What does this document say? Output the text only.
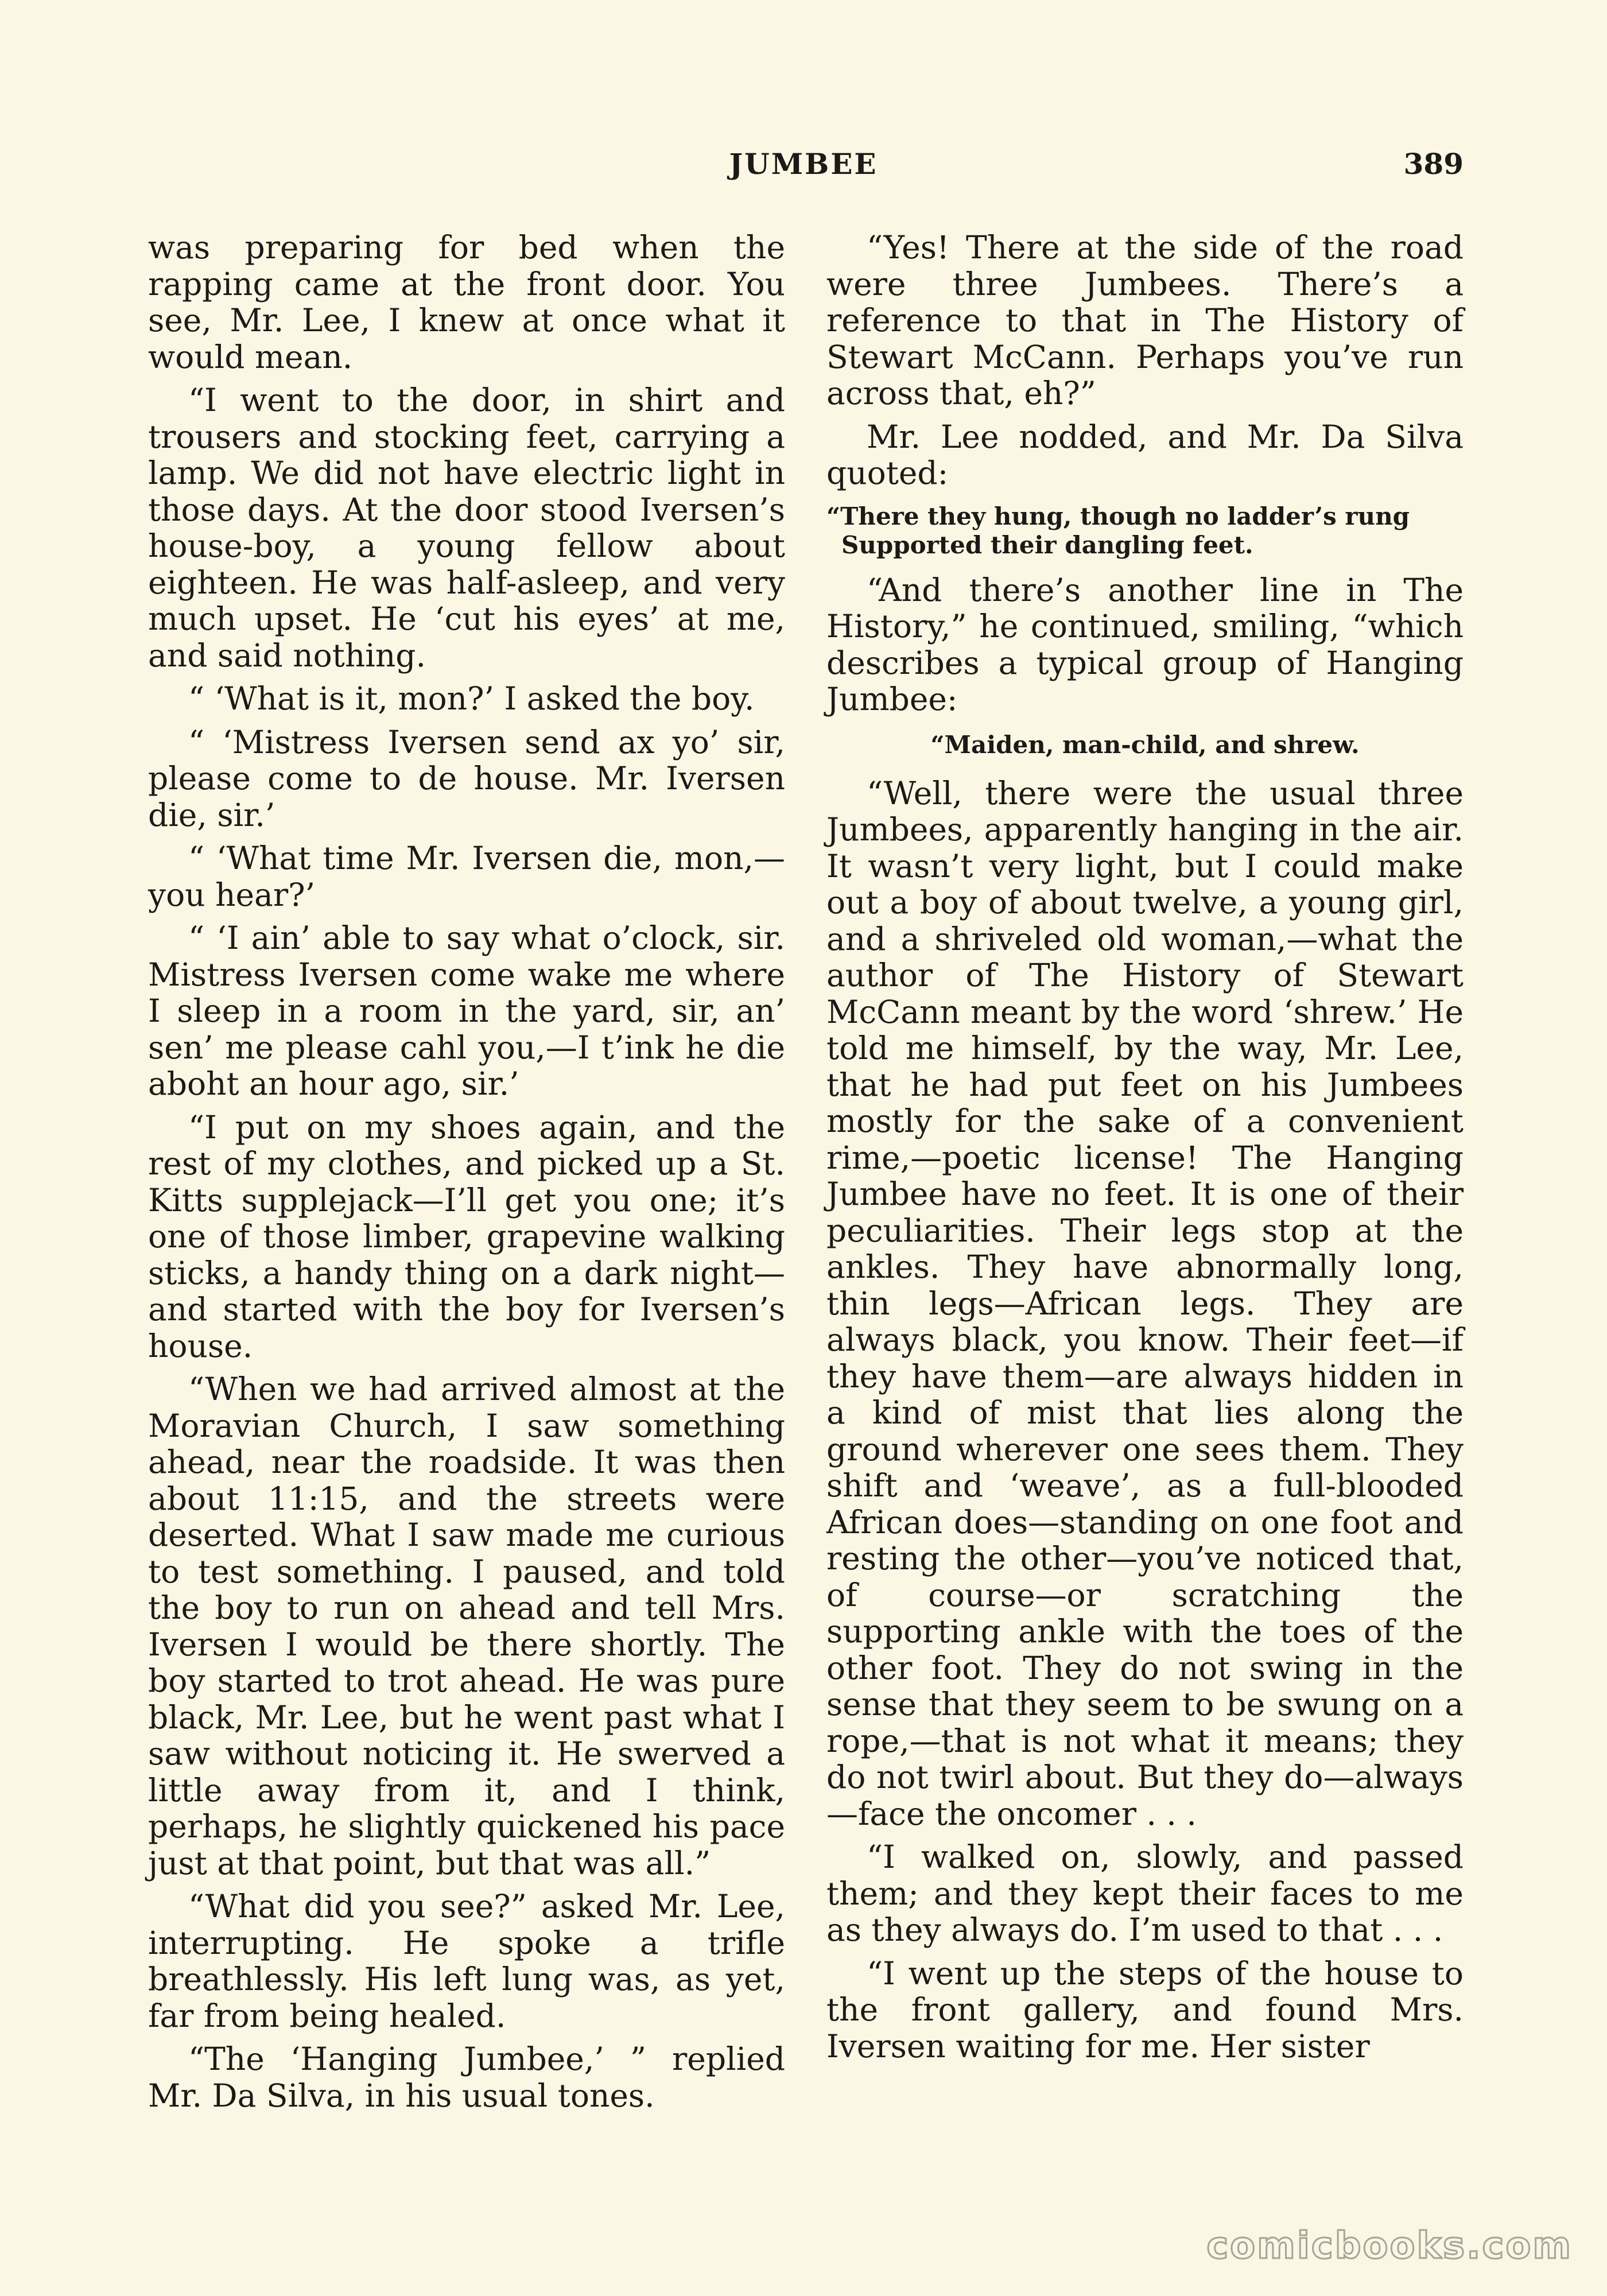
JUMBEE	389

was preparing for bed when the rapping came at the front door. You see, Mr. Lee, I knew at once what it would mean.

“I went to the door, in shirt and trousers and stocking feet, carrying a lamp. We did not have electric light in those days. At the door stood Iversen’s house-boy, a young fellow about eighteen. He was half-asleep, and very much upset. He ‘cut his eyes’ at me, and said nothing.

“ ‘What is it, mon?’ I asked the boy.

“ ‘Mistress Iversen send ax yo’ sir, please come to de house. Mr. Iversen die, sir.’

“ ‘What time Mr. Iversen die, mon,—you hear?’

“ ‘I ain’ able to say what o’clock, sir. Mistress Iversen come wake me where I sleep in a room in the yard, sir, an’ sen’ me please cahl you,—I t’ink he die aboht an hour ago, sir.’

“I put on my shoes again, and the rest of my clothes, and picked up a St. Kitts supplejack—I’ll get you one; it’s one of those limber, grapevine walking sticks, a handy thing on a dark night—and started with the boy for Iversen’s house.

“When we had arrived almost at the Moravian Church, I saw something ahead, near the roadside. It was then about 11:15, and the streets were deserted. What I saw made me curious to test something. I paused, and told the boy to run on ahead and tell Mrs. Iversen I would be there shortly. The boy started to trot ahead. He was pure black, Mr. Lee, but he went past what I saw without noticing it. He swerved a little away from it, and I think, perhaps, he slightly quickened his pace just at that point, but that was all.”

“What did you see?” asked Mr. Lee, interrupting. He spoke a trifle breathlessly. His left lung was, as yet, far from being healed.

“The ‘Hanging Jumbee,’ ” replied Mr. Da Silva, in his usual tones.

“Yes! There at the side of the road were three Jumbees. There’s a reference to that in The History of Stewart McCann. Perhaps you’ve run across that, eh?”

Mr. Lee nodded, and Mr. Da Silva quoted:

“There they hung, though no ladder’s rung
Supported their dangling feet.

“And there’s another line in The History,” he continued, smiling, “which describes a typical group of Hanging Jumbee:

“Maiden, man-child, and shrew.

“Well, there were the usual three Jumbees, apparently hanging in the air. It wasn’t very light, but I could make out a boy of about twelve, a young girl, and a shriveled old woman,—what the author of The History of Stewart McCann meant by the word ‘shrew.’ He told me himself, by the way, Mr. Lee, that he had put feet on his Jumbees mostly for the sake of a convenient rime,—poetic license! The Hanging Jumbee have no feet. It is one of their peculiarities. Their legs stop at the ankles. They have abnormally long, thin legs—African legs. They are always black, you know. Their feet—if they have them—are always hidden in a kind of mist that lies along the ground wherever one sees them. They shift and ‘weave’, as a full-blooded African does—standing on one foot and resting the other—you’ve noticed that, of course—or scratching the supporting ankle with the toes of the other foot. They do not swing in the sense that they seem to be swung on a rope,—that is not what it means; they do not twirl about. But they do—always—face the oncomer . . .

“I walked on, slowly, and passed them; and they kept their faces to me as they always do. I’m used to that . . .

“I went up the steps of the house to the front gallery, and found Mrs. Iversen waiting for me. Her sister

comicbooks.com
